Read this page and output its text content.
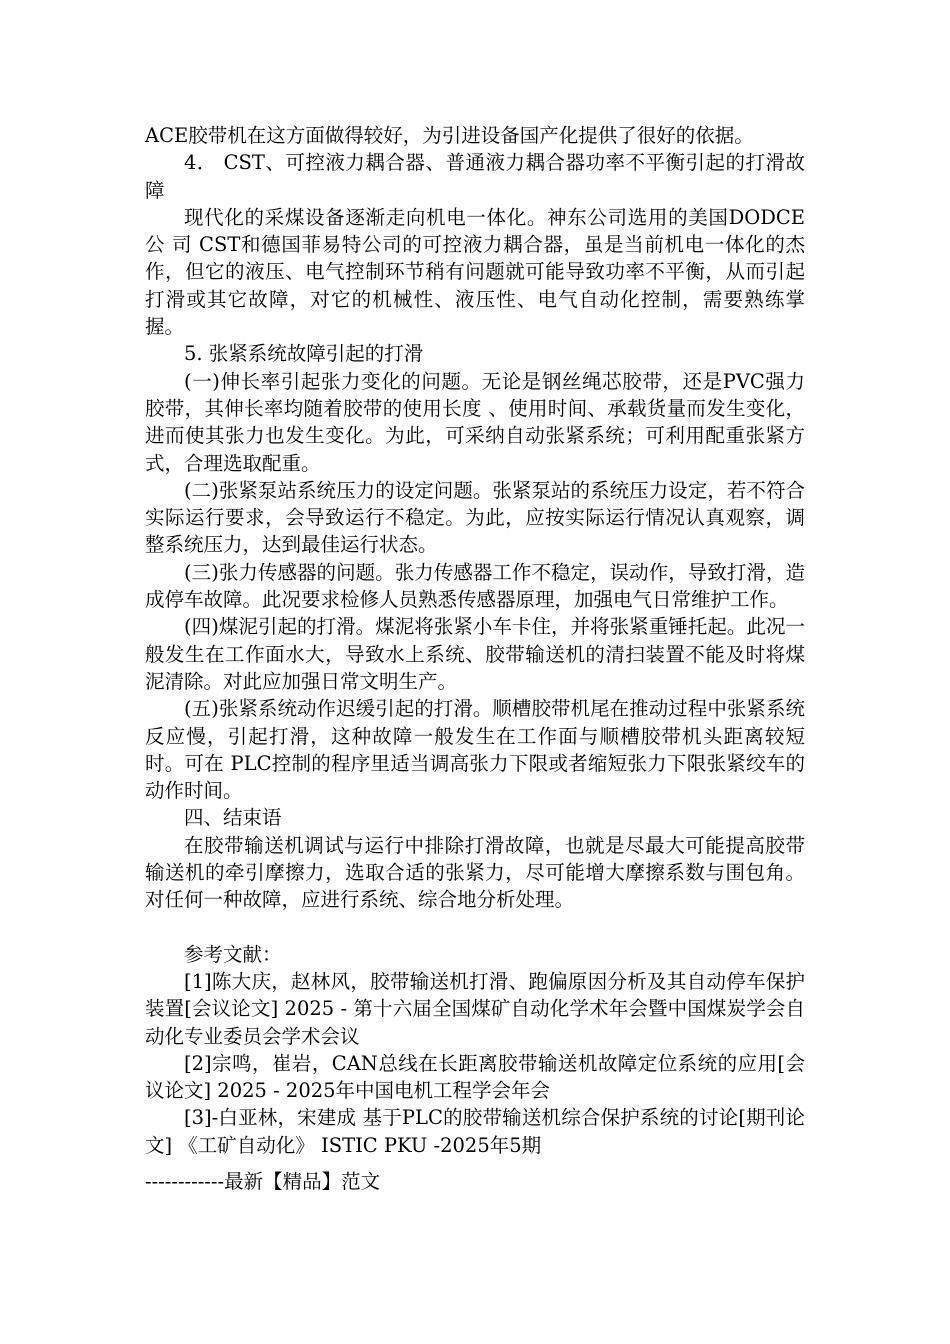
ACE胶带机在这方面做得较好，为引进设备国产化提供了很好的依据。

4． CST、可控液力耦合器、普通液力耦合器功率不平衡引起的打滑故障

现代化的采煤设备逐渐走向机电一体化。神东公司选用的美国DODCE公 司 CST和德国菲易特公司的可控液力耦合器，虽是当前机电一体化的杰作，但它的液压、电气控制环节稍有问题就可能导致功率不平衡，从而引起打滑或其它故障，对它的机械性、液压性、电气自动化控制，需要熟练掌握。

5. 张紧系统故障引起的打滑

(一)伸长率引起张力变化的问题。无论是钢丝绳芯胶带，还是PVC强力胶带，其伸长率均随着胶带的使用长度 、使用时间、承载货量而发生变化，进而使其张力也发生变化。为此，可采纳自动张紧系统；可利用配重张紧方式，合理选取配重。

(二)张紧泵站系统压力的设定问题。张紧泵站的系统压力设定，若不符合实际运行要求，会导致运行不稳定。为此，应按实际运行情况认真观察，调整系统压力，达到最佳运行状态。

(三)张力传感器的问题。张力传感器工作不稳定，误动作，导致打滑，造成停车故障。此况要求检修人员熟悉传感器原理，加强电气日常维护工作。

(四)煤泥引起的打滑。煤泥将张紧小车卡住，并将张紧重锤托起。此况一般发生在工作面水大，导致水上系统、胶带输送机的清扫装置不能及时将煤泥清除。对此应加强日常文明生产。

(五)张紧系统动作迟缓引起的打滑。顺槽胶带机尾在推动过程中张紧系统反应慢，引起打滑，这种故障一般发生在工作面与顺槽胶带机头距离较短时。可在 PLC控制的程序里适当调高张力下限或者缩短张力下限张紧绞车的动作时间。

四、结束语

在胶带输送机调试与运行中排除打滑故障，也就是尽最大可能提高胶带输送机的牵引摩擦力，选取合适的张紧力，尽可能增大摩擦系数与围包角。对任何一种故障，应进行系统、综合地分析处理。

参考文献：

[1]陈大庆，赵林风，胶带输送机打滑、跑偏原因分析及其自动停车保护装置[会议论文] 2025 - 第十六届全国煤矿自动化学术年会暨中国煤炭学会自动化专业委员会学术会议

[2]宗鸣，崔岩，CAN总线在长距离胶带输送机故障定位系统的应用[会议论文] 2025 - 2025年中国电机工程学会年会

[3]-白亚林，宋建成 基于PLC的胶带输送机综合保护系统的讨论[期刊论文] 《工矿自动化》 ISTIC PKU -2025年5期

------------最新【精品】范文
